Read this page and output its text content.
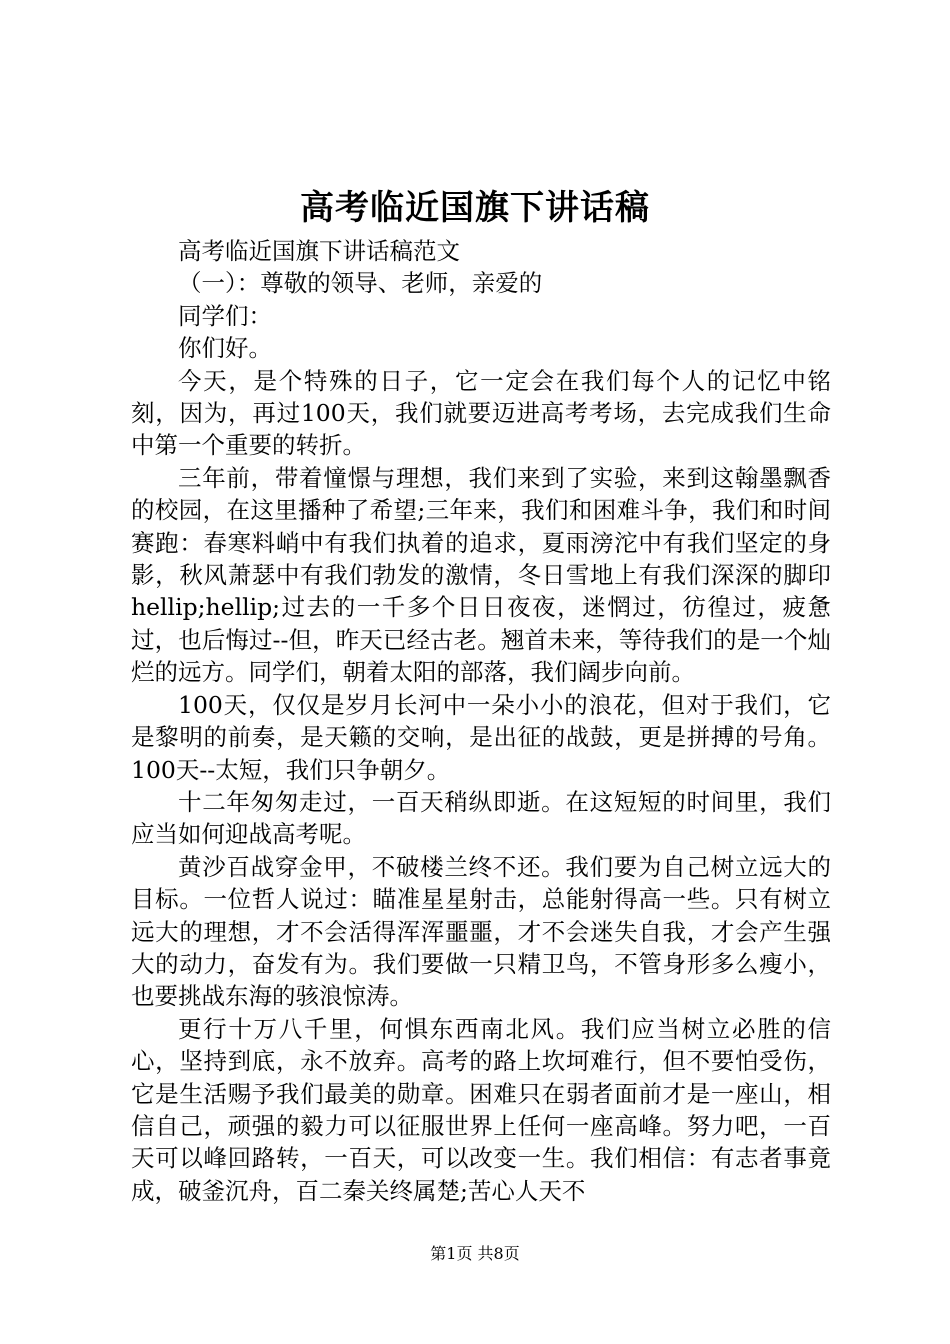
高考临近国旗下讲话稿

高考临近国旗下讲话稿范文

（一）：尊敬的领导、老师，亲爱的

同学们：

你们好。

今天，是个特殊的日子，它一定会在我们每个人的记忆中铭刻，因为，再过100天，我们就要迈进高考考场，去完成我们生命中第一个重要的转折。

三年前，带着憧憬与理想，我们来到了实验，来到这翰墨飘香的校园，在这里播种了希望;三年来，我们和困难斗争，我们和时间赛跑：春寒料峭中有我们执着的追求，夏雨滂沱中有我们坚定的身影，秋风萧瑟中有我们勃发的激情，冬日雪地上有我们深深的脚印hellip;hellip;过去的一千多个日日夜夜，迷惘过，彷徨过，疲惫过，也后悔过--但，昨天已经古老。翘首未来，等待我们的是一个灿烂的远方。同学们，朝着太阳的部落，我们阔步向前。

100天，仅仅是岁月长河中一朵小小的浪花，但对于我们，它是黎明的前奏，是天籁的交响，是出征的战鼓，更是拼搏的号角。100天--太短，我们只争朝夕。

十二年匆匆走过，一百天稍纵即逝。在这短短的时间里，我们应当如何迎战高考呢。

黄沙百战穿金甲，不破楼兰终不还。我们要为自己树立远大的目标。一位哲人说过：瞄准星星射击，总能射得高一些。只有树立远大的理想，才不会活得浑浑噩噩，才不会迷失自我，才会产生强大的动力，奋发有为。我们要做一只精卫鸟，不管身形多么瘦小，也要挑战东海的骇浪惊涛。

更行十万八千里，何惧东西南北风。我们应当树立必胜的信心，坚持到底，永不放弃。高考的路上坎坷难行，但不要怕受伤，它是生活赐予我们最美的勋章。困难只在弱者面前才是一座山，相信自己，顽强的毅力可以征服世界上任何一座高峰。努力吧，一百天可以峰回路转，一百天，可以改变一生。我们相信：有志者事竟成，破釜沉舟，百二秦关终属楚;苦心人天不

第1页 共8页
